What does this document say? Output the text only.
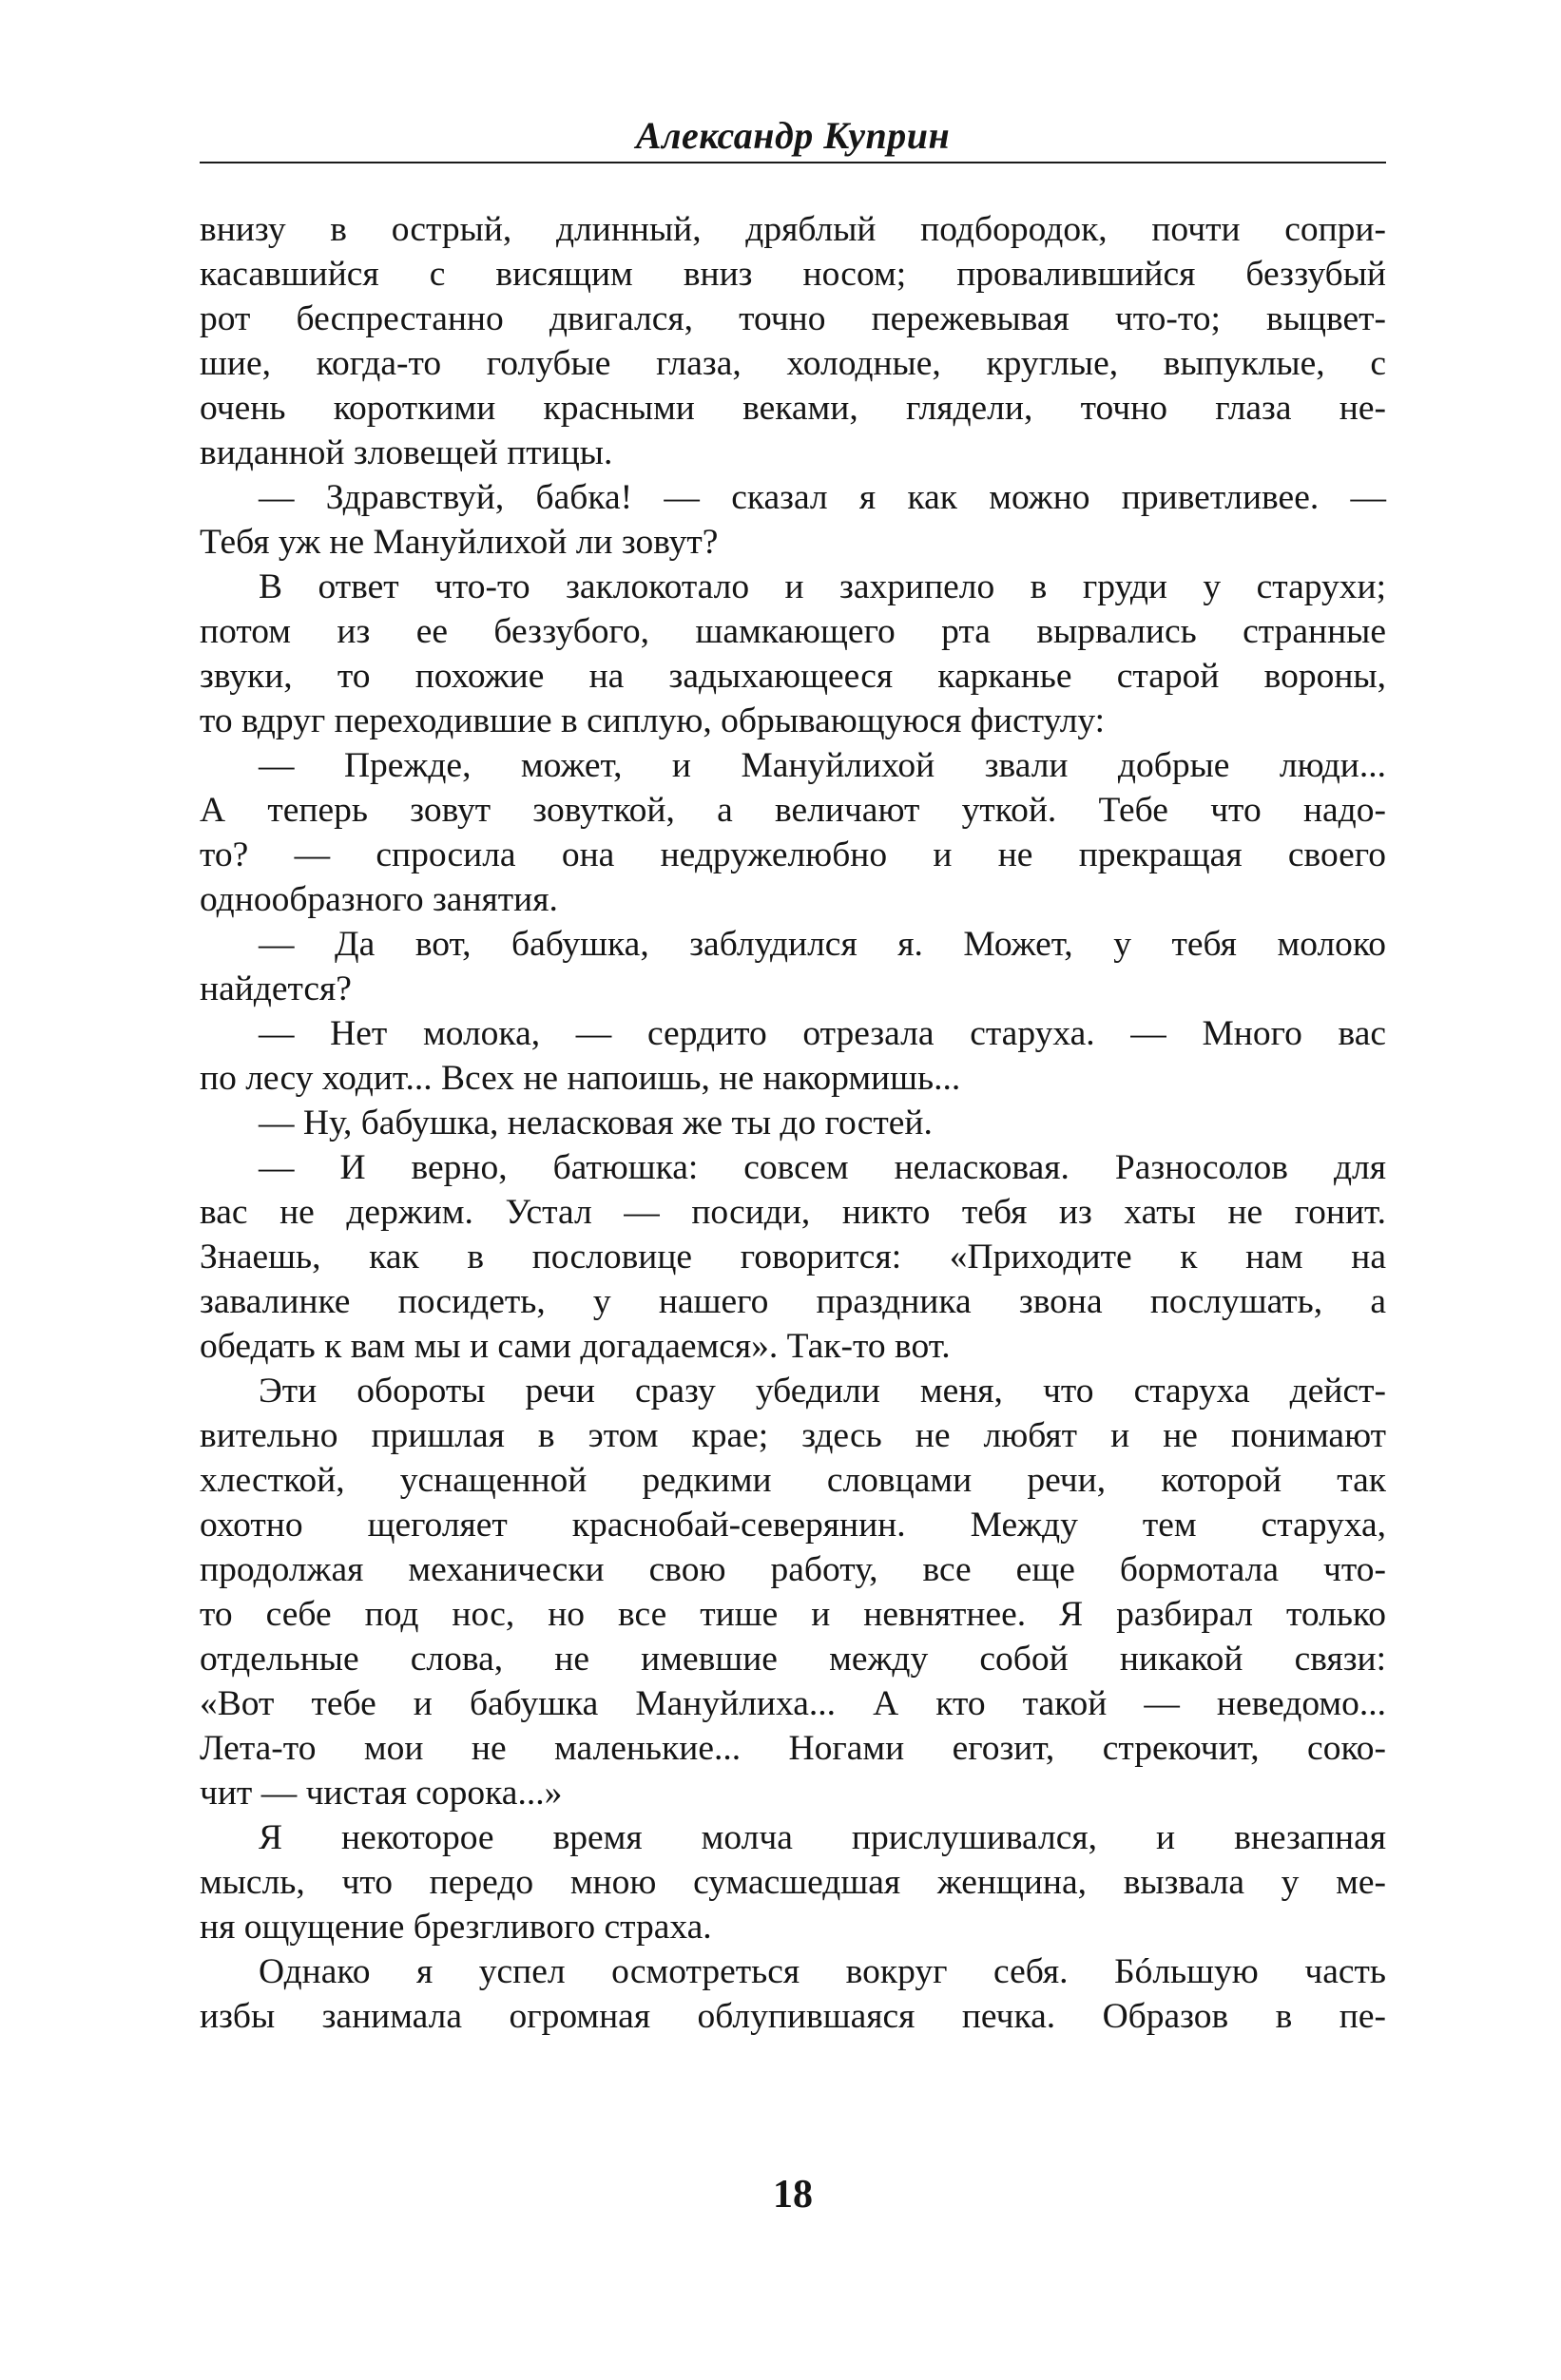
Александр Куприн
внизу в острый, длинный, дряблый подбородок, почти сопри-
касавшийся с висящим вниз носом; провалившийся беззубый
рот беспрестанно двигался, точно пережевывая что-то; выцвет-
шие, когда-то голубые глаза, холодные, круглые, выпуклые, с
очень короткими красными веками, глядели, точно глаза не-
виданной зловещей птицы.
— Здравствуй, бабка! — сказал я как можно приветливее. —
Тебя уж не Мануйлихой ли зовут?
В ответ что-то заклокотало и захрипело в груди у старухи;
потом из ее беззубого, шамкающего рта вырвались странные
звуки, то похожие на задыхающееся карканье старой вороны,
то вдруг переходившие в сиплую, обрывающуюся фистулу:
— Прежде, может, и Мануйлихой звали добрые люди...
А теперь зовут зовуткой, а величают уткой. Тебе что надо-
то? — спросила она недружелюбно и не прекращая своего
однообразного занятия.
— Да вот, бабушка, заблудился я. Может, у тебя молоко
найдется?
— Нет молока, — сердито отрезала старуха. — Много вас
по лесу ходит... Всех не напоишь, не накормишь...
— Ну, бабушка, неласковая же ты до гостей.
— И верно, батюшка: совсем неласковая. Разносолов для
вас не держим. Устал — посиди, никто тебя из хаты не гонит.
Знаешь, как в пословице говорится: «Приходите к нам на
завалинке посидеть, у нашего праздника звона послушать, а
обедать к вам мы и сами догадаемся». Так-то вот.
Эти обороты речи сразу убедили меня, что старуха дейст-
вительно пришлая в этом крае; здесь не любят и не понимают
хлесткой, уснащенной редкими словцами речи, которой так
охотно щеголяет краснобай-северянин. Между тем старуха,
продолжая механически свою работу, все еще бормотала что-
то себе под нос, но все тише и невнятнее. Я разбирал только
отдельные слова, не имевшие между собой никакой связи:
«Вот тебе и бабушка Мануйлиха... А кто такой — неведомо...
Лета-то мои не маленькие... Ногами егозит, стрекочит, соко-
чит — чистая сорока...»
Я некоторое время молча прислушивался, и внезапная
мысль, что передо мною сумасшедшая женщина, вызвала у ме-
ня ощущение брезгливого страха.
Однако я успел осмотреться вокруг себя. Бóльшую часть
избы занимала огромная облупившаяся печка. Образов в пе-
18
